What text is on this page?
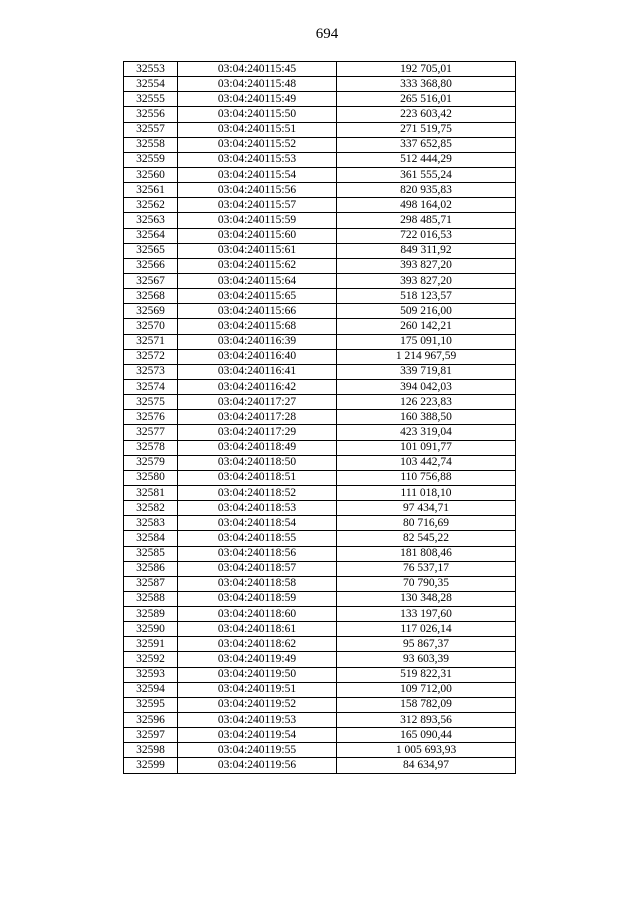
694
32553	03:04:240115:45	192 705,01
32554	03:04:240115:48	333 368,80
32555	03:04:240115:49	265 516,01
32556	03:04:240115:50	223 603,42
32557	03:04:240115:51	271 519,75
32558	03:04:240115:52	337 652,85
32559	03:04:240115:53	512 444,29
32560	03:04:240115:54	361 555,24
32561	03:04:240115:56	820 935,83
32562	03:04:240115:57	498 164,02
32563	03:04:240115:59	298 485,71
32564	03:04:240115:60	722 016,53
32565	03:04:240115:61	849 311,92
32566	03:04:240115:62	393 827,20
32567	03:04:240115:64	393 827,20
32568	03:04:240115:65	518 123,57
32569	03:04:240115:66	509 216,00
32570	03:04:240115:68	260 142,21
32571	03:04:240116:39	175 091,10
32572	03:04:240116:40	1 214 967,59
32573	03:04:240116:41	339 719,81
32574	03:04:240116:42	394 042,03
32575	03:04:240117:27	126 223,83
32576	03:04:240117:28	160 388,50
32577	03:04:240117:29	423 319,04
32578	03:04:240118:49	101 091,77
32579	03:04:240118:50	103 442,74
32580	03:04:240118:51	110 756,88
32581	03:04:240118:52	111 018,10
32582	03:04:240118:53	97 434,71
32583	03:04:240118:54	80 716,69
32584	03:04:240118:55	82 545,22
32585	03:04:240118:56	181 808,46
32586	03:04:240118:57	76 537,17
32587	03:04:240118:58	70 790,35
32588	03:04:240118:59	130 348,28
32589	03:04:240118:60	133 197,60
32590	03:04:240118:61	117 026,14
32591	03:04:240118:62	95 867,37
32592	03:04:240119:49	93 603,39
32593	03:04:240119:50	519 822,31
32594	03:04:240119:51	109 712,00
32595	03:04:240119:52	158 782,09
32596	03:04:240119:53	312 893,56
32597	03:04:240119:54	165 090,44
32598	03:04:240119:55	1 005 693,93
32599	03:04:240119:56	84 634,97
